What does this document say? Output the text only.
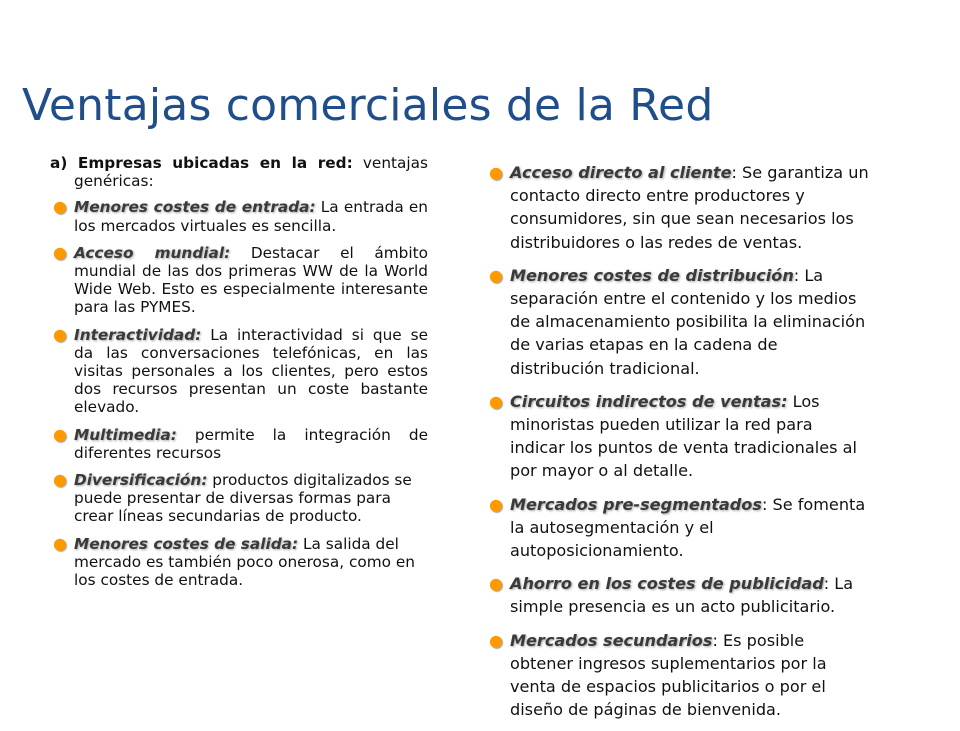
Ventajas comerciales de la Red

a) Empresas ubicadas en la red: ventajas genéricas:

● Menores costes de entrada: La entrada en los mercados virtuales es sencilla.
● Acceso mundial: Destacar el ámbito mundial de las dos primeras WW de la World Wide Web. Esto es especialmente interesante para las PYMES.
● Interactividad: La interactividad si que se da las conversaciones telefónicas, en las visitas personales a los clientes, pero estos dos recursos presentan un coste bastante elevado.
● Multimedia: permite la integración de diferentes recursos
● Diversificación: productos digitalizados se puede presentar de diversas formas para crear líneas secundarias de producto.
● Menores costes de salida: La salida del mercado es también poco onerosa, como en los costes de entrada.
● Acceso directo al cliente: Se garantiza un contacto directo entre productores y consumidores, sin que sean necesarios los distribuidores o las redes de ventas.
● Menores costes de distribución: La separación entre el contenido y los medios de almacenamiento posibilita la eliminación de varias etapas en la cadena de distribución tradicional.
● Circuitos indirectos de ventas: Los minoristas pueden utilizar la red para indicar los puntos de venta tradicionales al por mayor o al detalle.
● Mercados pre-segmentados: Se fomenta la autosegmentación y el autoposicionamiento.
● Ahorro en los costes de publicidad: La simple presencia es un acto publicitario.
● Mercados secundarios: Es posible obtener ingresos suplementarios por la venta de espacios publicitarios o por el diseño de páginas de bienvenida.
